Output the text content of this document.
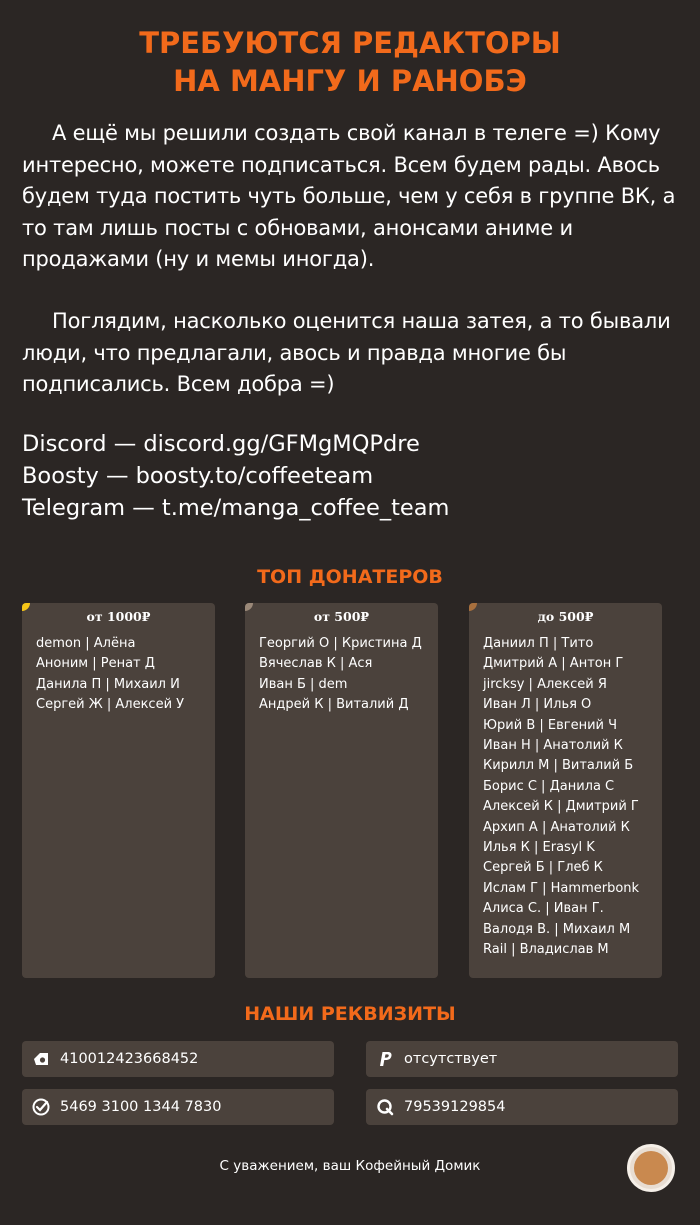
ТРЕБУЮТСЯ РЕДАКТОРЫ
НА МАНГУ И РАНОБЭ
А ещё мы решили создать свой канал в телеге =) Кому интересно, можете подписаться. Всем будем рады. Авось будем туда постить чуть больше, чем у себя в группе ВК, а то там лишь посты с обновами, анонсами аниме и продажами (ну и мемы иногда).
Поглядим, насколько оценится наша затея, а то бывали люди, что предлагали, авось и правда многие бы подписались. Всем добра =)
Discord — discord.gg/GFMgMQPdre
Boosty — boosty.to/coffeeteam
Telegram — t.me/manga_coffee_team
ТОП ДОНАТЕРОВ
от 1000₽
demon | Алёна
Аноним | Ренат Д
Данила П | Михаил И
Сергей Ж | Алексей У
от 500₽
Георгий О | Кристина Д
Вячеслав К | Ася
Иван Б | dem
Андрей К | Виталий Д
до 500₽
Даниил П | Тито
Дмитрий А | Антон Г
jircksy | Алексей Я
Иван Л | Илья О
Юрий В | Евгений Ч
Иван Н | Анатолий К
Кирилл М | Виталий Б
Борис С | Данила С
Алексей К | Дмитрий Г
Архип А | Анатолий К
Илья К | Erasyl K
Сергей Б | Глеб К
Ислам Г | Hammerbonk
Алиса С. | Иван Г.
Валодя В. | Михаил М
Rail | Владислав М
НАШИ РЕКВИЗИТЫ
410012423668452	отсутствует
5469 3100 1344 7830	79539129854
С уважением, ваш Кофейный Домик
